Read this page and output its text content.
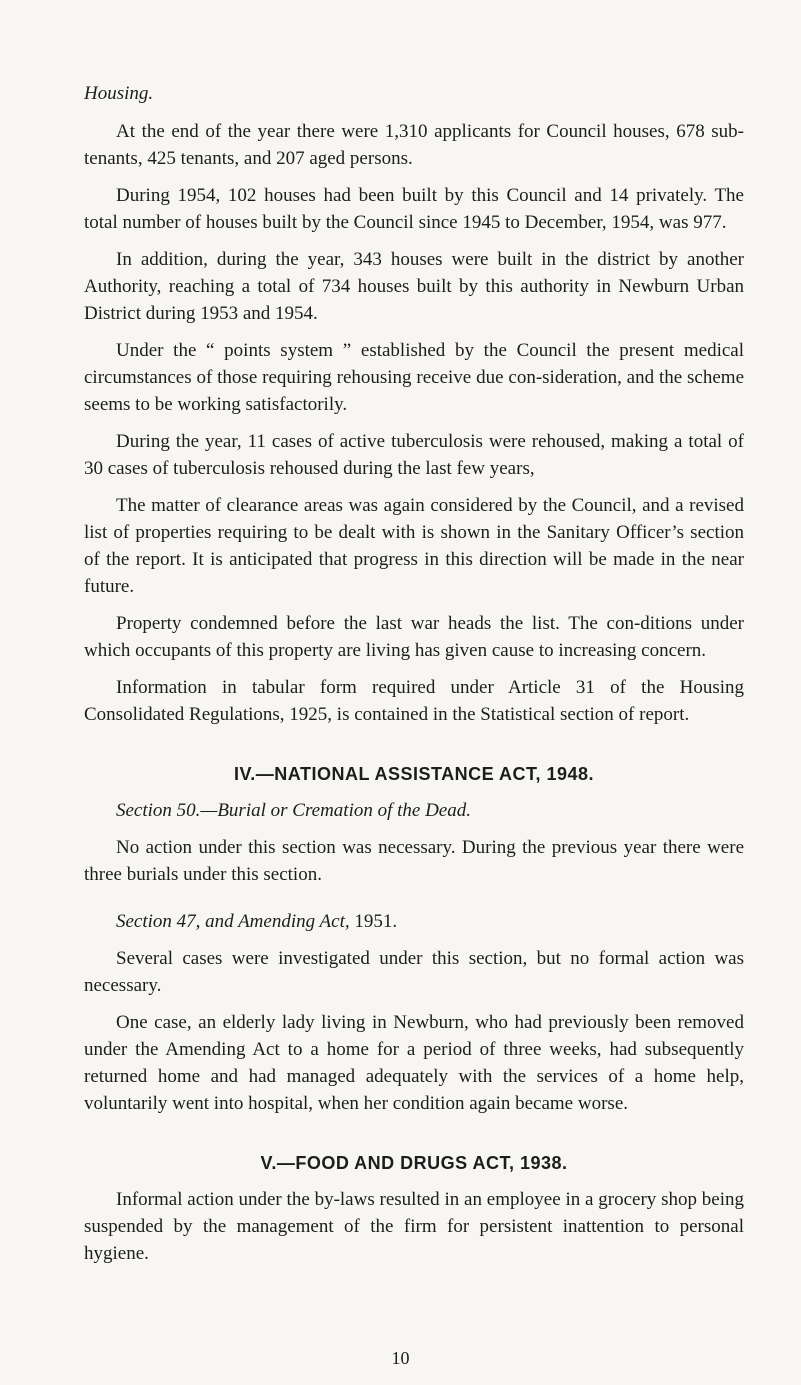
Housing.

At the end of the year there were 1,310 applicants for Council houses, 678 sub-tenants, 425 tenants, and 207 aged persons.

During 1954, 102 houses had been built by this Council and 14 privately. The total number of houses built by the Council since 1945 to December, 1954, was 977.

In addition, during the year, 343 houses were built in the district by another Authority, reaching a total of 734 houses built by this authority in Newburn Urban District during 1953 and 1954.

Under the “ points system ” established by the Council the present medical circumstances of those requiring rehousing receive due con-sideration, and the scheme seems to be working satisfactorily.

During the year, 11 cases of active tuberculosis were rehoused, making a total of 30 cases of tuberculosis rehoused during the last few years,

The matter of clearance areas was again considered by the Council, and a revised list of properties requiring to be dealt with is shown in the Sanitary Officer’s section of the report. It is anticipated that progress in this direction will be made in the near future.

Property condemned before the last war heads the list. The con-ditions under which occupants of this property are living has given cause to increasing concern.

Information in tabular form required under Article 31 of the Housing Consolidated Regulations, 1925, is contained in the Statistical section of report.

IV.—NATIONAL ASSISTANCE ACT, 1948.
Section 50.—Burial or Cremation of the Dead.

No action under this section was necessary. During the previous year there were three burials under this section.

Section 47, and Amending Act, 1951.

Several cases were investigated under this section, but no formal action was necessary.

One case, an elderly lady living in Newburn, who had previously been removed under the Amending Act to a home for a period of three weeks, had subsequently returned home and had managed adequately with the services of a home help, voluntarily went into hospital, when her condition again became worse.

V.—FOOD AND DRUGS ACT, 1938.

Informal action under the by-laws resulted in an employee in a grocery shop being suspended by the management of the firm for persistent inattention to personal hygiene.

10
